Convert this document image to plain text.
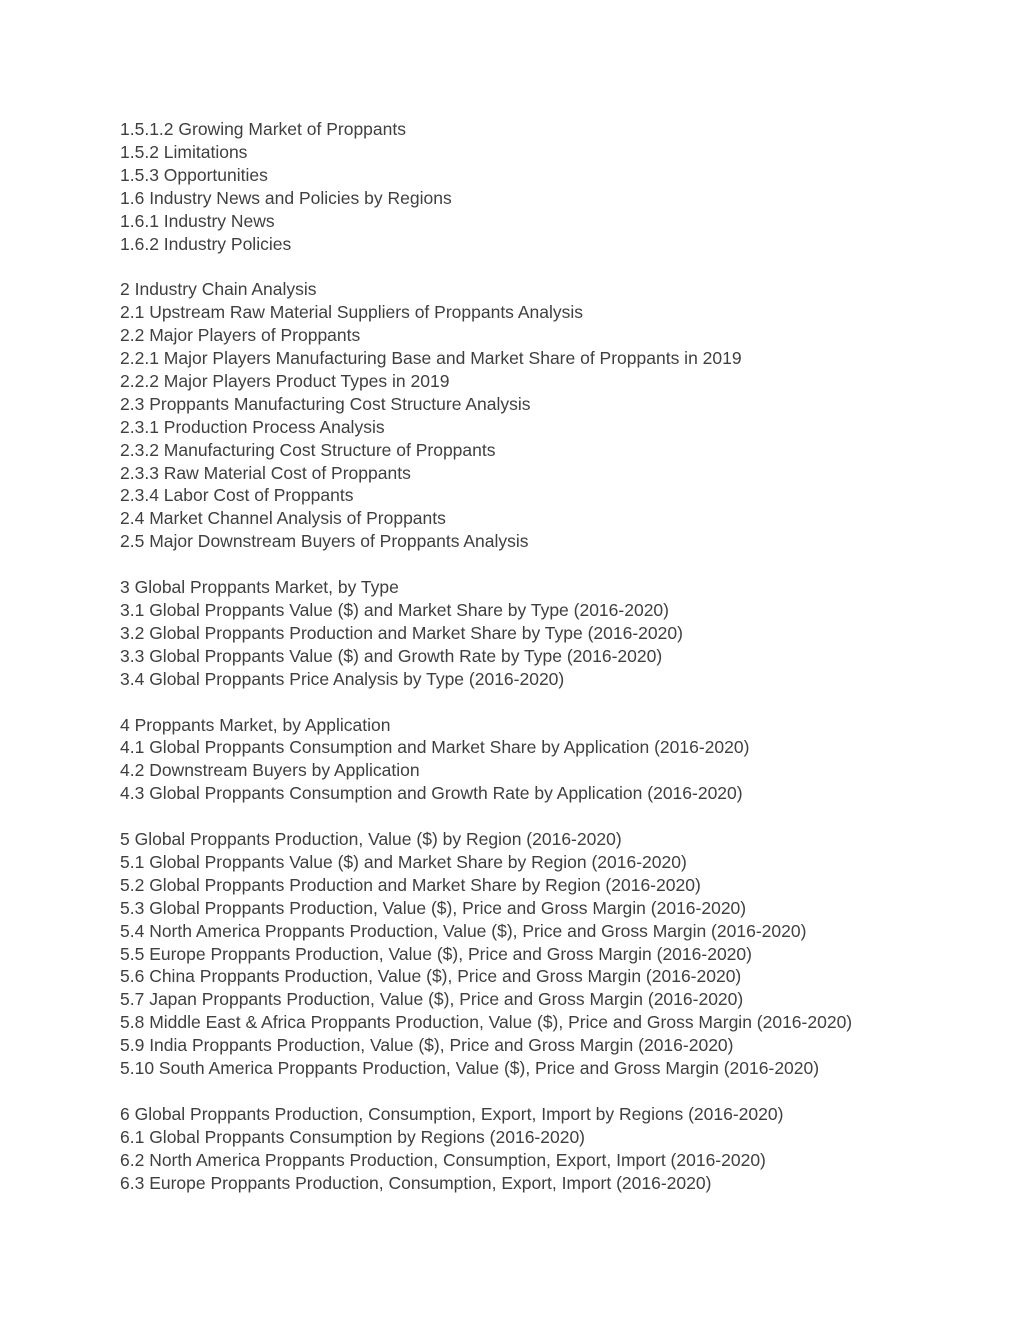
1.5.1.2 Growing Market of Proppants
1.5.2 Limitations
1.5.3 Opportunities
1.6 Industry News and Policies by Regions
1.6.1 Industry News
1.6.2 Industry Policies
2 Industry Chain Analysis
2.1 Upstream Raw Material Suppliers of Proppants Analysis
2.2 Major Players of Proppants
2.2.1 Major Players Manufacturing Base and Market Share of Proppants in 2019
2.2.2 Major Players Product Types in 2019
2.3 Proppants Manufacturing Cost Structure Analysis
2.3.1 Production Process Analysis
2.3.2 Manufacturing Cost Structure of Proppants
2.3.3 Raw Material Cost of Proppants
2.3.4 Labor Cost of Proppants
2.4 Market Channel Analysis of Proppants
2.5 Major Downstream Buyers of Proppants Analysis
3 Global Proppants Market, by Type
3.1 Global Proppants Value ($) and Market Share by Type (2016-2020)
3.2 Global Proppants Production and Market Share by Type (2016-2020)
3.3 Global Proppants Value ($) and Growth Rate by Type (2016-2020)
3.4 Global Proppants Price Analysis by Type (2016-2020)
4 Proppants Market, by Application
4.1 Global Proppants Consumption and Market Share by Application (2016-2020)
4.2 Downstream Buyers by Application
4.3 Global Proppants Consumption and Growth Rate by Application (2016-2020)
5 Global Proppants Production, Value ($) by Region (2016-2020)
5.1 Global Proppants Value ($) and Market Share by Region (2016-2020)
5.2 Global Proppants Production and Market Share by Region (2016-2020)
5.3 Global Proppants Production, Value ($), Price and Gross Margin (2016-2020)
5.4 North America Proppants Production, Value ($), Price and Gross Margin (2016-2020)
5.5 Europe Proppants Production, Value ($), Price and Gross Margin (2016-2020)
5.6 China Proppants Production, Value ($), Price and Gross Margin (2016-2020)
5.7 Japan Proppants Production, Value ($), Price and Gross Margin (2016-2020)
5.8 Middle East & Africa Proppants Production, Value ($), Price and Gross Margin (2016-2020)
5.9 India Proppants Production, Value ($), Price and Gross Margin (2016-2020)
5.10 South America Proppants Production, Value ($), Price and Gross Margin (2016-2020)
6 Global Proppants Production, Consumption, Export, Import by Regions (2016-2020)
6.1 Global Proppants Consumption by Regions (2016-2020)
6.2 North America Proppants Production, Consumption, Export, Import (2016-2020)
6.3 Europe Proppants Production, Consumption, Export, Import (2016-2020)
